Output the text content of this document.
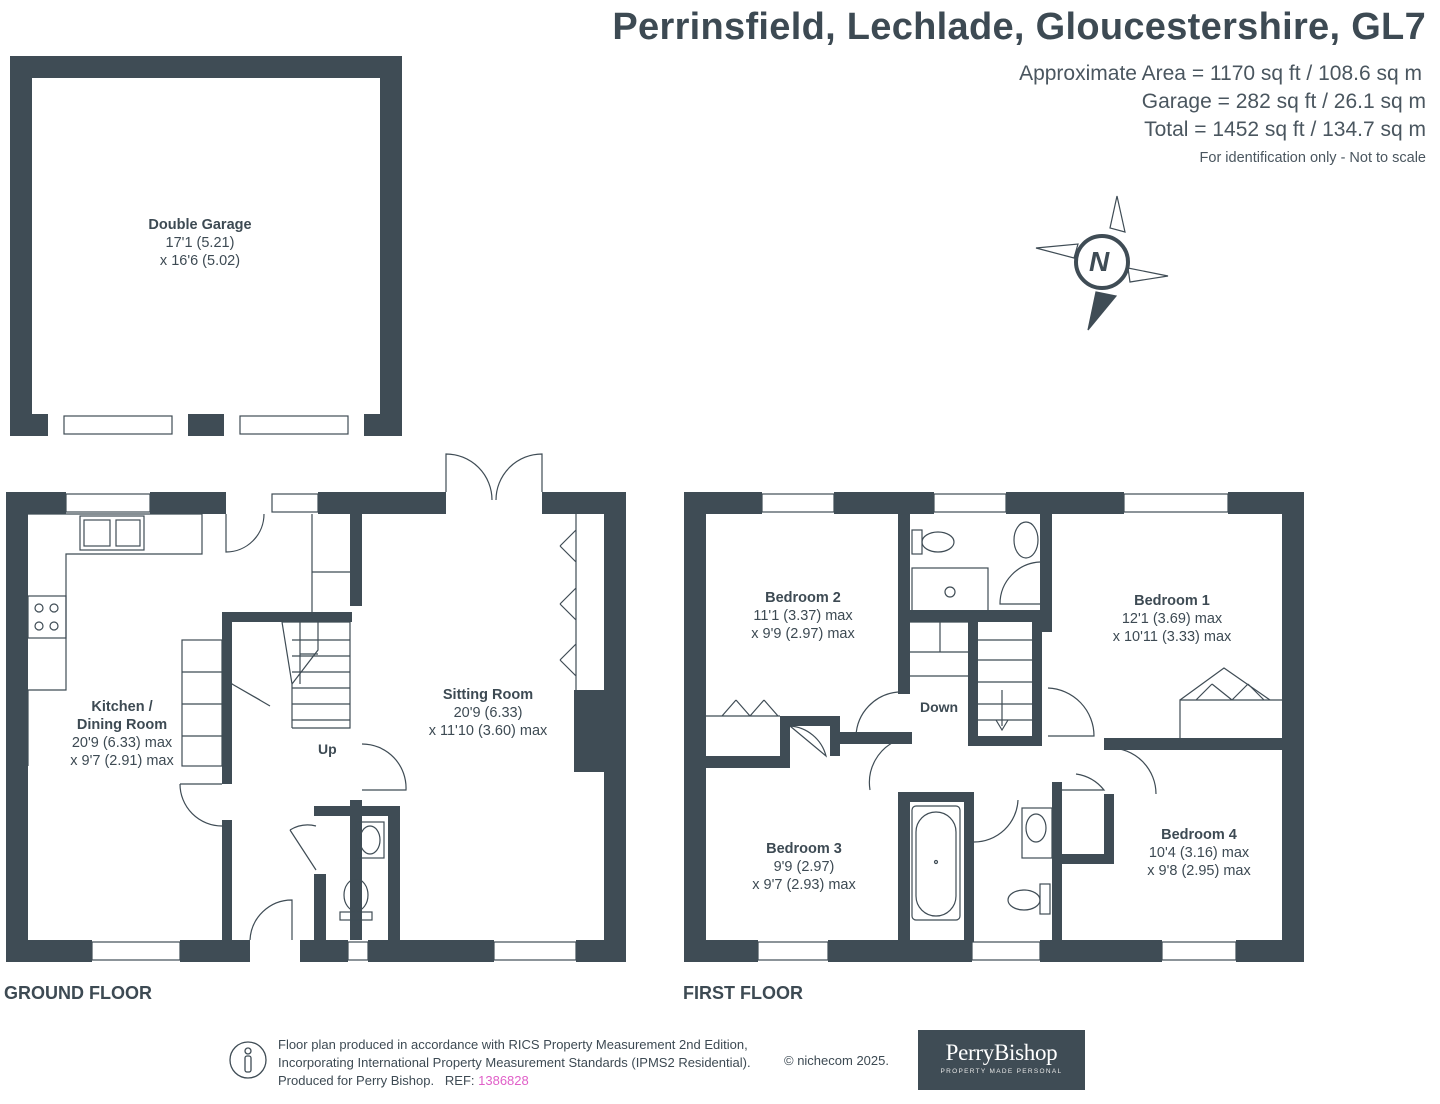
N
Perrinsfield, Lechlade, Gloucestershire, GL7
Approximate Area = 1170 sq ft / 108.6 sq m
Garage = 282 sq ft / 26.1 sq m
Total = 1452 sq ft / 134.7 sq m
For identification only - Not to scale
Double Garage
17'1 (5.21)
x 16'6 (5.02)
Kitchen /
Dining Room
20'9 (6.33) max
x 9'7 (2.91) max
Sitting Room
20'9 (6.33)
x 11'10 (3.60) max
Bedroom 2
11'1 (3.37) max
x 9'9 (2.97) max
Bedroom 1
12'1 (3.69) max
x 10'11 (3.33) max
Bedroom 3
9'9 (2.97)
x 9'7 (2.93) max
Bedroom 4
10'4 (3.16) max
x 9'8 (2.95) max
Up
Down
GROUND FLOOR	FIRST FLOOR
Floor plan produced in accordance with RICS Property Measurement 2nd Edition,
Incorporating International Property Measurement Standards (IPMS2 Residential).
Produced for Perry Bishop.   REF: 1386828
© nichecom 2025.	PerryBishop
PROPERTY MADE PERSONAL
